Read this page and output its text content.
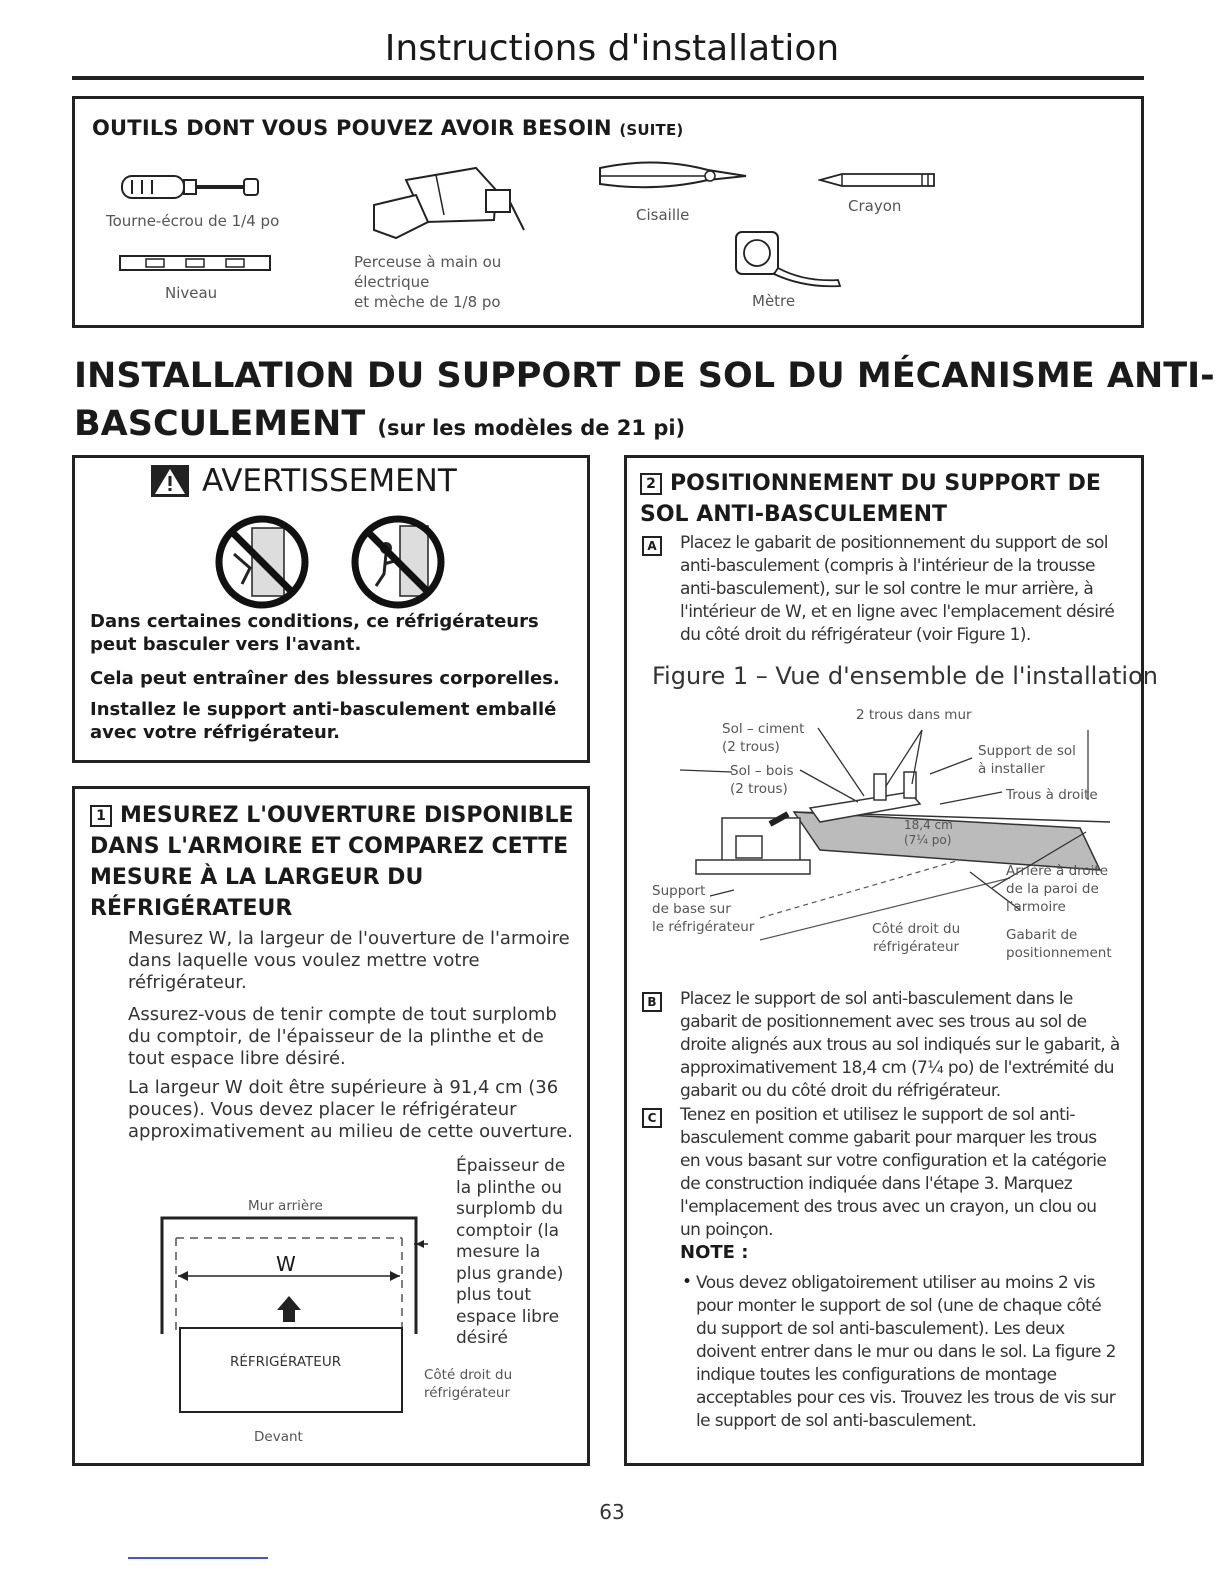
Instructions d'installation
OUTILS DONT VOUS POUVEZ AVOIR BESOIN (SUITE)
Tourne-écrou de 1/4 po
Niveau
Perceuse à main ou
électrique
et mèche de 1/8 po
Cisaille	Crayon
Mètre
INSTALLATION DU SUPPORT DE SOL DU MÉCANISME ANTI-
BASCULEMENT (sur les modèles de 21 pi)
AVERTISSEMENT
Dans certaines conditions, ce réfrigérateurs peut basculer vers l'avant.
Cela peut entraîner des blessures corporelles.
Installez le support anti-basculement emballé avec votre réfrigérateur.
1 MESUREZ L'OUVERTURE DISPONIBLE DANS L'ARMOIRE ET COMPAREZ CETTE MESURE À LA LARGEUR DU RÉFRIGÉRATEUR
Mesurez W, la largeur de l'ouverture de l'armoire dans laquelle vous voulez mettre votre réfrigérateur.
Assurez-vous de tenir compte de tout surplomb du comptoir, de l'épaisseur de la plinthe et de tout espace libre désiré.
La largeur W doit être supérieure à 91,4 cm (36 pouces). Vous devez placer le réfrigérateur approximativement au milieu de cette ouverture.
Mur arrière
W
RÉFRIGÉRATEUR
Devant
Épaisseur de la plinthe ou surplomb du comptoir (la mesure la plus grande) plus tout espace libre désiré
Côté droit du réfrigérateur
2 POSITIONNEMENT DU SUPPORT DE SOL ANTI-BASCULEMENT
A	Placez le gabarit de positionnement du support de sol anti-basculement (compris à l'intérieur de la trousse anti-basculement), sur le sol contre le mur arrière, à l'intérieur de W, et en ligne avec l'emplacement désiré du côté droit du réfrigérateur (voir Figure 1).
Figure 1 – Vue d'ensemble de l'installation
2 trous dans mur
Sol – ciment
(2 trous)
Sol – bois
(2 trous)
Support de sol
à installer
Trous à droite
18,4 cm
(7¼ po)
Support
de base sur
le réfrigérateur
Arrière à droite
de la paroi de
l'armoire
Côté droit du
réfrigérateur
Gabarit de
positionnement
B	Placez le support de sol anti-basculement dans le gabarit de positionnement avec ses trous au sol de droite alignés aux trous au sol indiqués sur le gabarit, à approximativement 18,4 cm (7¼ po) de l'extrémité du gabarit ou du côté droit du réfrigérateur.
C	Tenez en position et utilisez le support de sol anti-basculement comme gabarit pour marquer les trous en vous basant sur votre configuration et la catégorie de construction indiquée dans l'étape 3. Marquez l'emplacement des trous avec un crayon, un clou ou un poinçon.
NOTE :
• Vous devez obligatoirement utiliser au moins 2 vis pour monter le support de sol (une de chaque côté du support de sol anti-basculement). Les deux doivent entrer dans le mur ou dans le sol. La figure 2 indique toutes les configurations de montage acceptables pour ces vis. Trouvez les trous de vis sur le support de sol anti-basculement.
63
